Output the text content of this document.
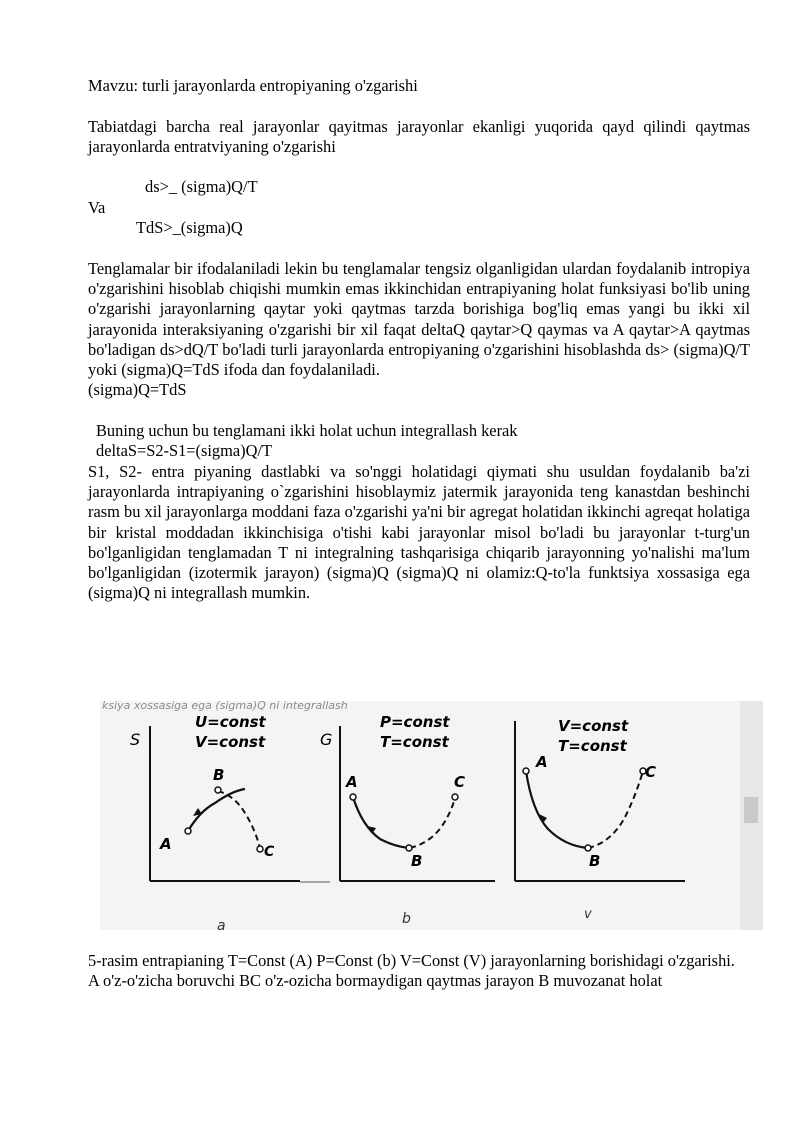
Mavzu: turli jarayonlarda entropiyaning o'zgarishi

Tabiatdagi barcha real jarayonlar qayitmas jarayonlar ekanligi yuqorida qayd qilindi qaytmas jarayonlarda entratviyaning o'zgarishi

ds>_ (sigma)Q/T

Va

TdS>_(sigma)Q

Tenglamalar bir ifodalaniladi lekin bu tenglamalar tengsiz olganligidan ulardan foydalanib intropiya o'zgarishini hisoblab chiqishi mumkin emas ikkinchidan entrapiyaning holat funksiyasi bo'lib uning o'zgarishi jarayonlarning qaytar yoki qaytmas tarzda borishiga bog'liq emas yangi bu ikki xil jarayonida interaksiyaning o'zgarishi bir xil faqat deltaQ qaytar>Q qaymas va A qaytar>A qaytmas bo'ladigan ds>dQ/T bo'ladi turli jarayonlarda entropiyaning o'zgarishini hisoblashda ds> (sigma)Q/T yoki (sigma)Q=TdS ifoda dan foydalaniladi.

(sigma)Q=TdS

Buning uchun bu tenglamani ikki holat uchun integrallash kerak

deltaS=S2-S1=(sigma)Q/T

S1, S2- entra piyaning dastlabki va so'nggi holatidagi qiymati shu usuldan foydalanib ba'zi jarayonlarda intrapiyaning o`zgarishini hisoblaymiz jatermik jarayonida teng kanastdan beshinchi rasm bu xil jarayonlarga moddani faza o'zgarishi ya'ni bir agregat holatidan ikkinchi agreqat holatiga bir kristal moddadan ikkinchisiga o'tishi kabi jarayonlar misol bo'ladi bu jarayonlar t-turg'un bo'lganligidan tenglamadan T ni integralning tashqarisiga chiqarib jarayonning yo'nalishi ma'lum bo'lganligidan (izotermik jarayon) (sigma)Q (sigma)Q ni olamiz:Q-to'la funktsiya xossasiga ega (sigma)Q ni integrallash mumkin.

ksiya xossasiga ega (sigma)Q ni integrallash
S
U=const
V=const
A
B
C
a
G
P=const
T=const
A
B
C
b
V=const
T=const
A
B
C
v

5-rasim entrapianing T=Const (A) P=Const (b) V=Const (V) jarayonlarning borishidagi o'zgarishi.

A o'z-o'zicha boruvchi BC o'z-ozicha bormaydigan qaytmas jarayon B muvozanat holat
